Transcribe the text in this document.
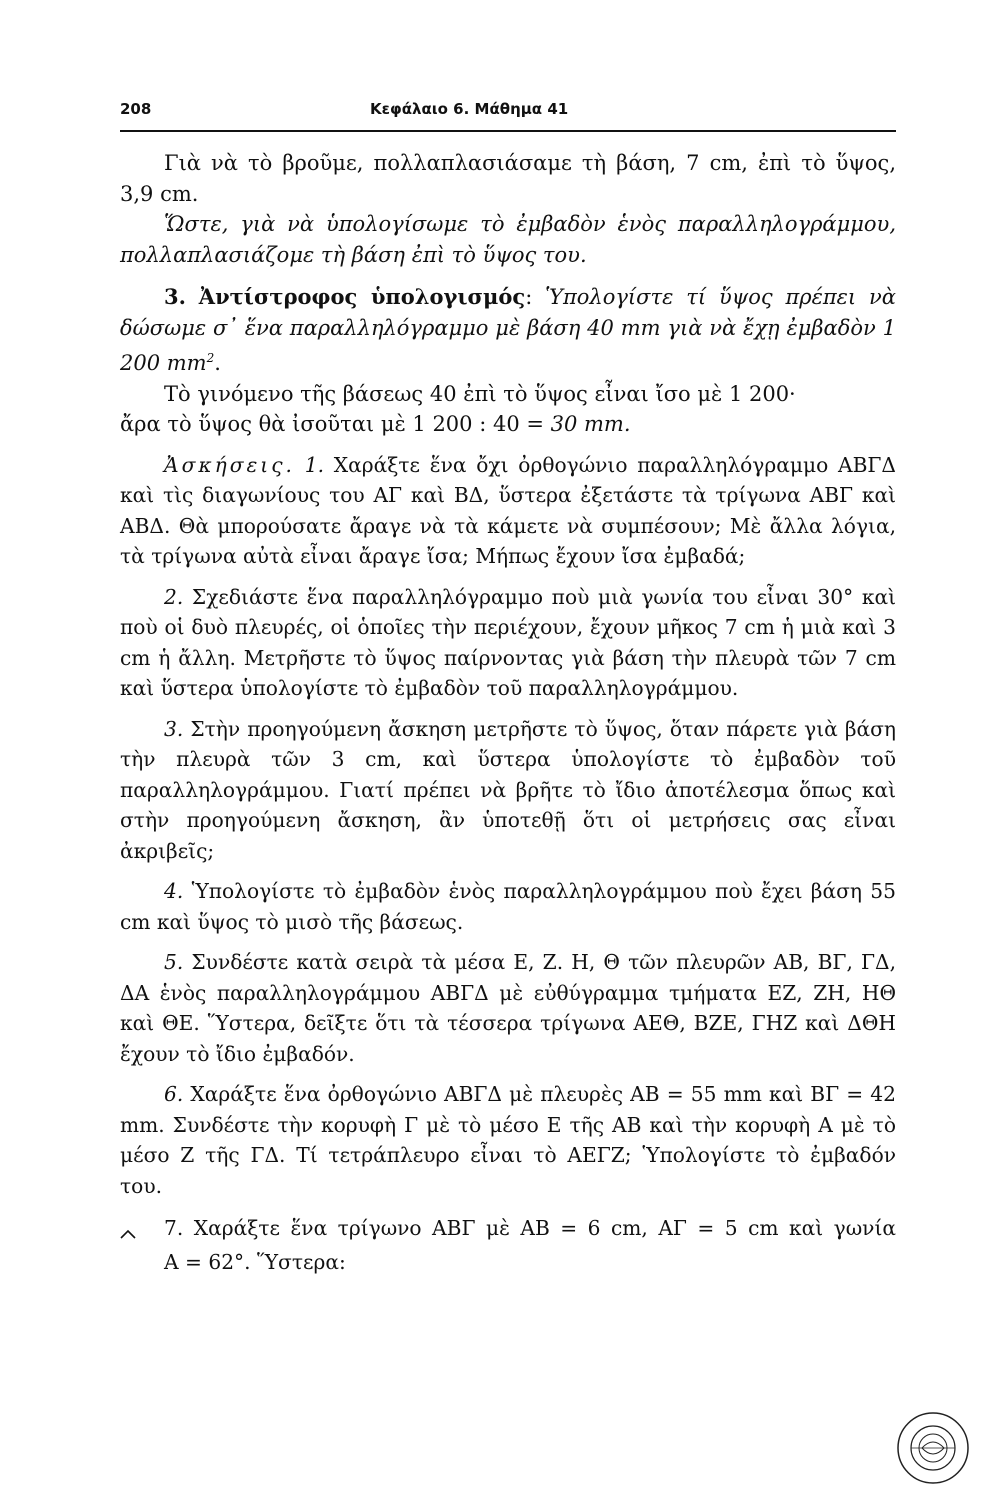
208	Κεφάλαιο 6. Μάθημα 41

Γιὰ νὰ τὸ βροῦμε, πολλαπλασιάσαμε τὴ βάση, 7 cm, ἐπὶ τὸ ὕψος, 3,9 cm.

Ὥστε, γιὰ νὰ ὑπολογίσωμε τὸ ἐμβαδὸν ἑνὸς παραλληλογράμμου, πολλαπλασιάζομε τὴ βάση ἐπὶ τὸ ὕψος του.

3. Ἀντίστροφος ὑπολογισμός: Ὑπολογίστε τί ὕψος πρέπει νὰ δώσωμε σ᾿ ἕνα παραλληλόγραμμο μὲ βάση 40 mm γιὰ νὰ ἔχῃ ἐμβαδὸν 1 200 $mm^2$.

Τὸ γινόμενο τῆς βάσεως 40 ἐπὶ τὸ ὕψος εἶναι ἴσο μὲ 1 200·

ἄρα τὸ ὕψος θὰ ἰσοῦται μὲ 1 200 : 40 = 30 mm.

Ἀσκήσεις. 1. Χαράξτε ἕνα ὄχι ὀρθογώνιο παραλληλόγραμμο ΑΒΓΔ καὶ τὶς διαγωνίους του ΑΓ καὶ ΒΔ, ὕστερα ἐξετάστε τὰ τρίγωνα ΑΒΓ καὶ ΑΒΔ. Θὰ μπορούσατε ἄραγε νὰ τὰ κάμετε νὰ συμπέσουν; Μὲ ἄλλα λόγια, τὰ τρίγωνα αὐτὰ εἶναι ἄραγε ἴσα; Μήπως ἔχουν ἴσα ἐμβαδά;

2. Σχεδιάστε ἕνα παραλληλόγραμμο ποὺ μιὰ γωνία του εἶναι 30° καὶ ποὺ οἱ δυὸ πλευρές, οἱ ὁποῖες τὴν περιέχουν, ἔχουν μῆκος 7 cm ἡ μιὰ καὶ 3 cm ἡ ἄλλη. Μετρῆστε τὸ ὕψος παίρνοντας γιὰ βάση τὴν πλευρὰ τῶν 7 cm καὶ ὕστερα ὑπολογίστε τὸ ἐμβαδὸν τοῦ παραλληλογράμμου.

3. Στὴν προηγούμενη ἄσκηση μετρῆστε τὸ ὕψος, ὅταν πάρετε γιὰ βάση τὴν πλευρὰ τῶν 3 cm, καὶ ὕστερα ὑπολογίστε τὸ ἐμβαδὸν τοῦ παραλληλογράμμου. Γιατί πρέπει νὰ βρῆτε τὸ ἴδιο ἀποτέλεσμα ὅπως καὶ στὴν προηγούμενη ἄσκηση, ἂν ὑποτεθῇ ὅτι οἱ μετρήσεις σας εἶναι ἀκριβεῖς;

4. Ὑπολογίστε τὸ ἐμβαδὸν ἑνὸς παραλληλογράμμου ποὺ ἔχει βάση 55 cm καὶ ὕψος τὸ μισὸ τῆς βάσεως.

5. Συνδέστε κατὰ σειρὰ τὰ μέσα Ε, Ζ. Η, Θ τῶν πλευρῶν ΑΒ, ΒΓ, ΓΔ, ΔΑ ἑνὸς παραλληλογράμμου ΑΒΓΔ μὲ εὐθύγραμμα τμήματα ΕΖ, ΖΗ, ΗΘ καὶ ΘΕ. Ὕστερα, δεῖξτε ὅτι τὰ τέσσερα τρίγωνα ΑΕΘ, ΒΖΕ, ΓΗΖ καὶ ΔΘΗ ἔχουν τὸ ἴδιο ἐμβαδόν.

6. Χαράξτε ἕνα ὀρθογώνιο ΑΒΓΔ μὲ πλευρὲς ΑΒ = 55 mm καὶ ΒΓ = 42 mm. Συνδέστε τὴν κορυφὴ Γ μὲ τὸ μέσο Ε τῆς ΑΒ καὶ τὴν κορυφὴ Α μὲ τὸ μέσο Ζ τῆς ΓΔ. Τί τετράπλευρο εἶναι τὸ ΑΕΓΖ; Ὑπολογίστε τὸ ἐμβαδόν του.

7. Χαράξτε ἕνα τρίγωνο ΑΒΓ μὲ ΑΒ = 6 cm, ΑΓ = 5 cm καὶ γωνία
Α = 62°. Ὕστερα:
